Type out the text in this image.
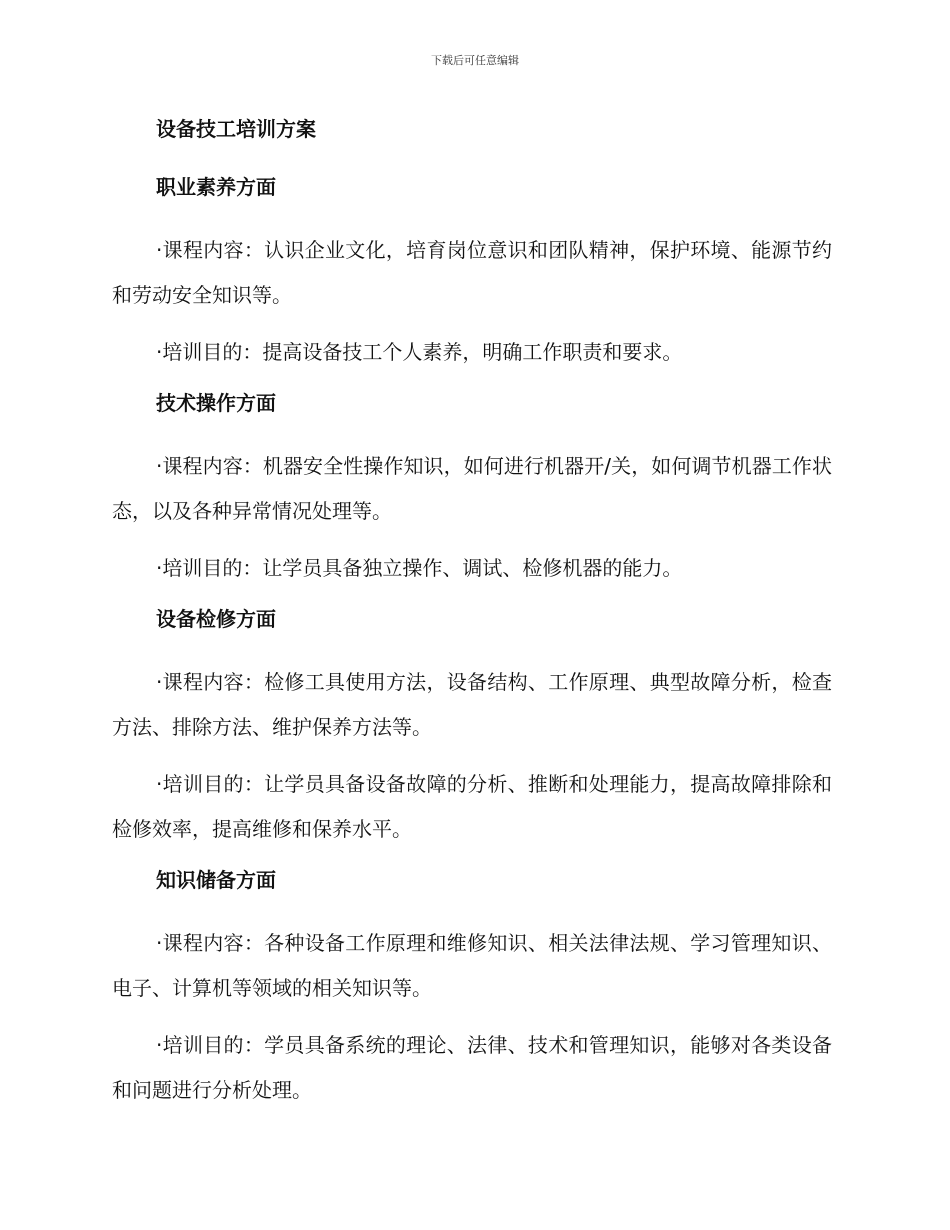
下载后可任意编辑
设备技工培训方案
职业素养方面

·课程内容：认识企业文化，培育岗位意识和团队精神，保护环境、能源节约和劳动安全知识等。

·培训目的：提高设备技工个人素养，明确工作职责和要求。

技术操作方面

·课程内容：机器安全性操作知识，如何进行机器开/关，如何调节机器工作状态，以及各种异常情况处理等。

·培训目的：让学员具备独立操作、调试、检修机器的能力。

设备检修方面

·课程内容：检修工具使用方法，设备结构、工作原理、典型故障分析，检查方法、排除方法、维护保养方法等。

·培训目的：让学员具备设备故障的分析、推断和处理能力，提高故障排除和检修效率，提高维修和保养水平。

知识储备方面

·课程内容：各种设备工作原理和维修知识、相关法律法规、学习管理知识、电子、计算机等领域的相关知识等。

·培训目的：学员具备系统的理论、法律、技术和管理知识，能够对各类设备和问题进行分析处理。
